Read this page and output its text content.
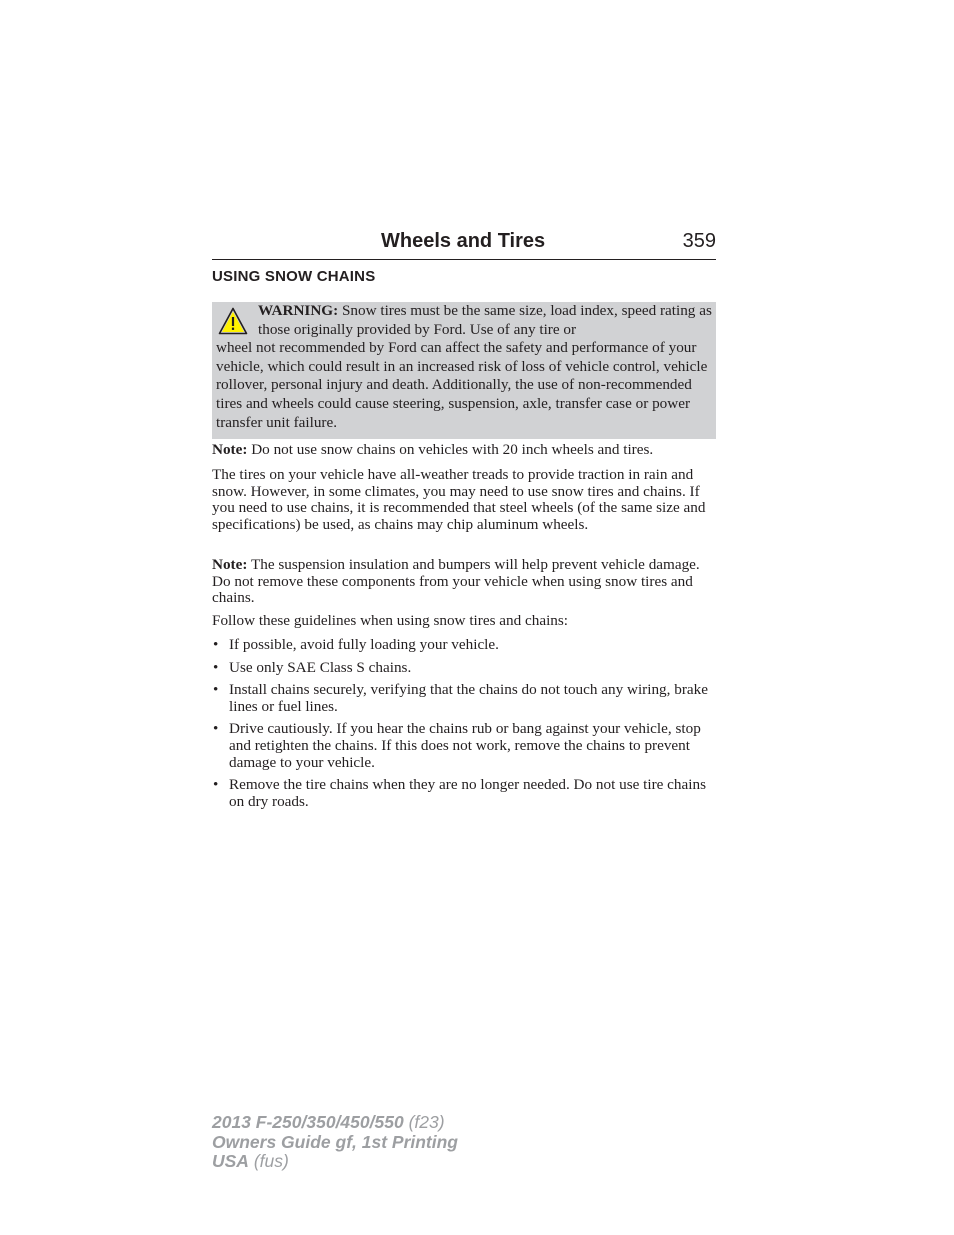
Wheels and Tires	359
USING SNOW CHAINS
WARNING: Snow tires must be the same size, load index, speed rating as those originally provided by Ford. Use of any tire or
wheel not recommended by Ford can affect the safety and performance of your vehicle, which could result in an increased risk of loss of vehicle control, vehicle rollover, personal injury and death. Additionally, the use of non-recommended tires and wheels could cause steering, suspension, axle, transfer case or power transfer unit failure.
Note: Do not use snow chains on vehicles with 20 inch wheels and tires.
The tires on your vehicle have all-weather treads to provide traction in rain and snow. However, in some climates, you may need to use snow tires and chains. If you need to use chains, it is recommended that steel wheels (of the same size and specifications) be used, as chains may chip aluminum wheels.
Note: The suspension insulation and bumpers will help prevent vehicle damage. Do not remove these components from your vehicle when using snow tires and chains.
Follow these guidelines when using snow tires and chains:
• If possible, avoid fully loading your vehicle.
• Use only SAE Class S chains.
• Install chains securely, verifying that the chains do not touch any wiring, brake lines or fuel lines.
• Drive cautiously. If you hear the chains rub or bang against your vehicle, stop and retighten the chains. If this does not work, remove the chains to prevent damage to your vehicle.
• Remove the tire chains when they are no longer needed. Do not use tire chains on dry roads.
2013 F-250/350/450/550 (f23)
Owners Guide gf, 1st Printing
USA (fus)
